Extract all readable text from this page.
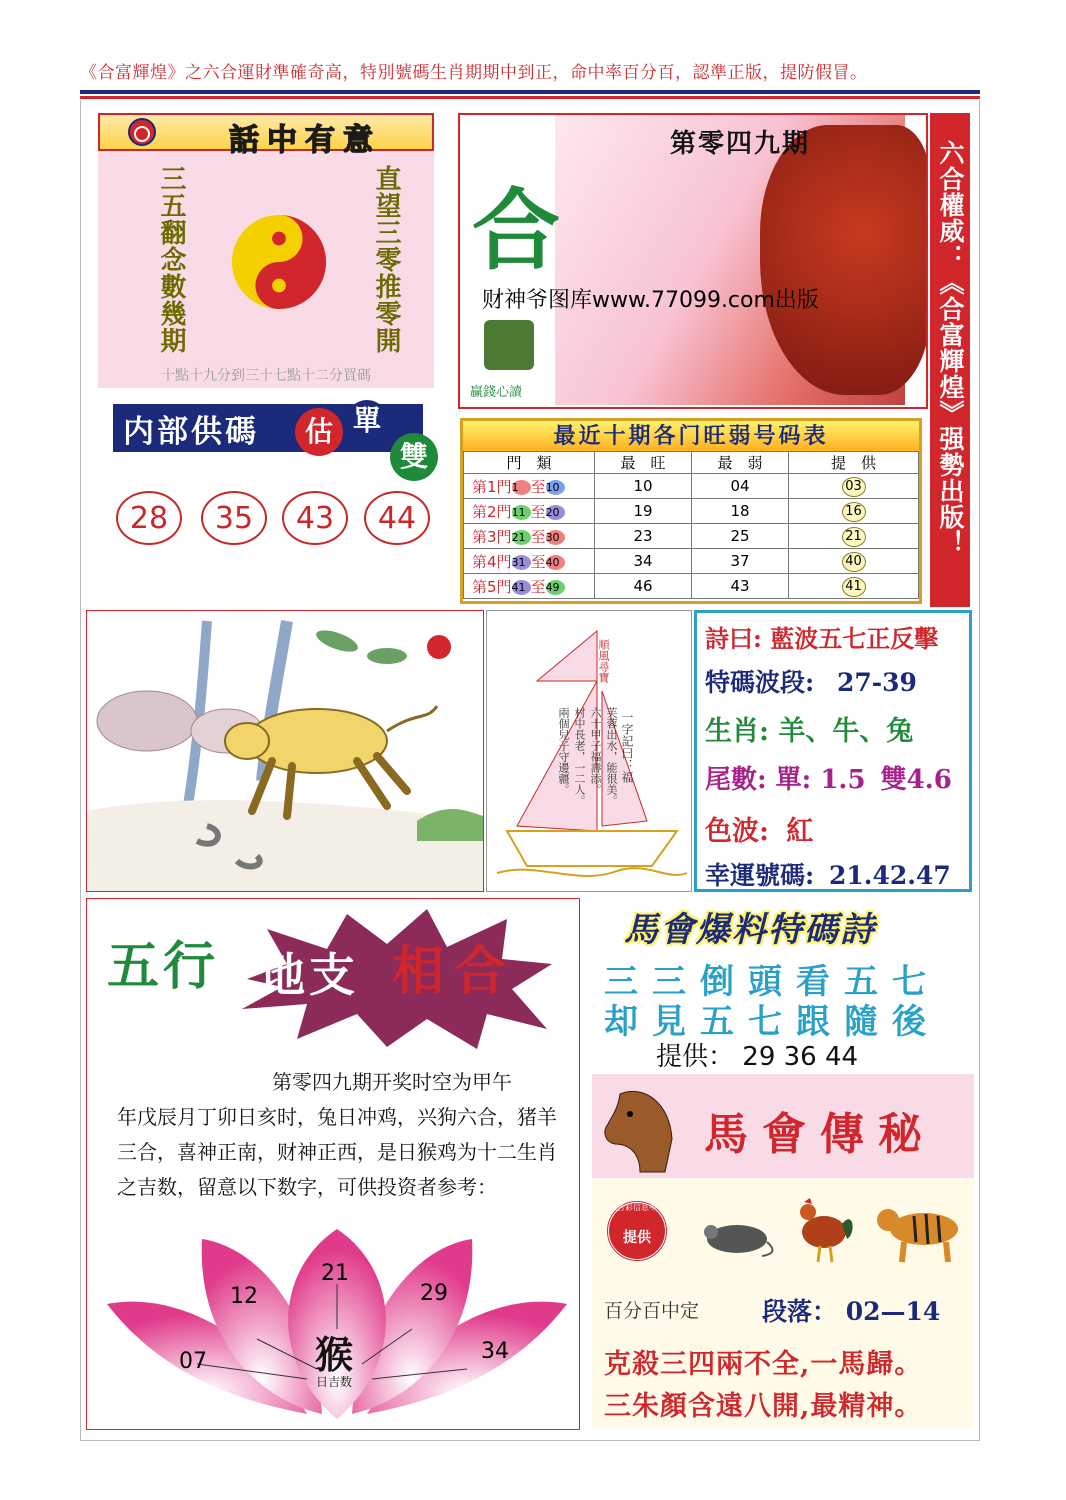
《合富輝煌》之六合運財準確奇高，特別號碼生肖期期中到正，命中率百分百，認準正版，提防假冒。
話中有意
三五翻念數幾期	直望三零推零開
十點十九分到三十七點十二分買碼
内部供碼	估 單
雙
28	35	43	44
第零四九期
合
财神爷图库www.77099.com出版
贏錢心讀	六合權威：《合富輝煌》强勢出版！
最近十期各门旺弱号码表
門　類	最　旺	最　弱	提　供
第1門1 至10	10	04	03
第2門11 至20	19	18	16
第3門21 至30	23	25	21
第4門31 至40	34	37	40
第5門41 至49	46	43	41
順風尋寶
一字記曰：福
芙蓉出水，能很美。
六十甲子福壽添。
村中長老，一二人。
兩個兒子守邊疆。
詩曰: 藍波五七正反擊
特碼波段: 27-39
生肖: 羊、牛、兔
尾數: 單: 1.5 雙4.6
色波: 紅
幸運號碼: 21.42.47
五行 地支 相合
第零四九期开奖时空为甲午
年戊辰月丁卯日亥时，兔日冲鸡，兴狗六合，猪羊三合，喜神正南，财神正西，是日猴鸡为十二生肖之吉数，留意以下数字，可供投资者参考：
07
12
21
29
34
猴
日吉数
馬會爆料特碼詩
三三倒頭看五七
却見五七跟隨後
提供： 29 36 44
馬會傳秘
六合彩信息中心
提供
百分百中定	段落： 02—14
克殺三四兩不全,一馬歸。
三朱顏含遠八開,最精神。
